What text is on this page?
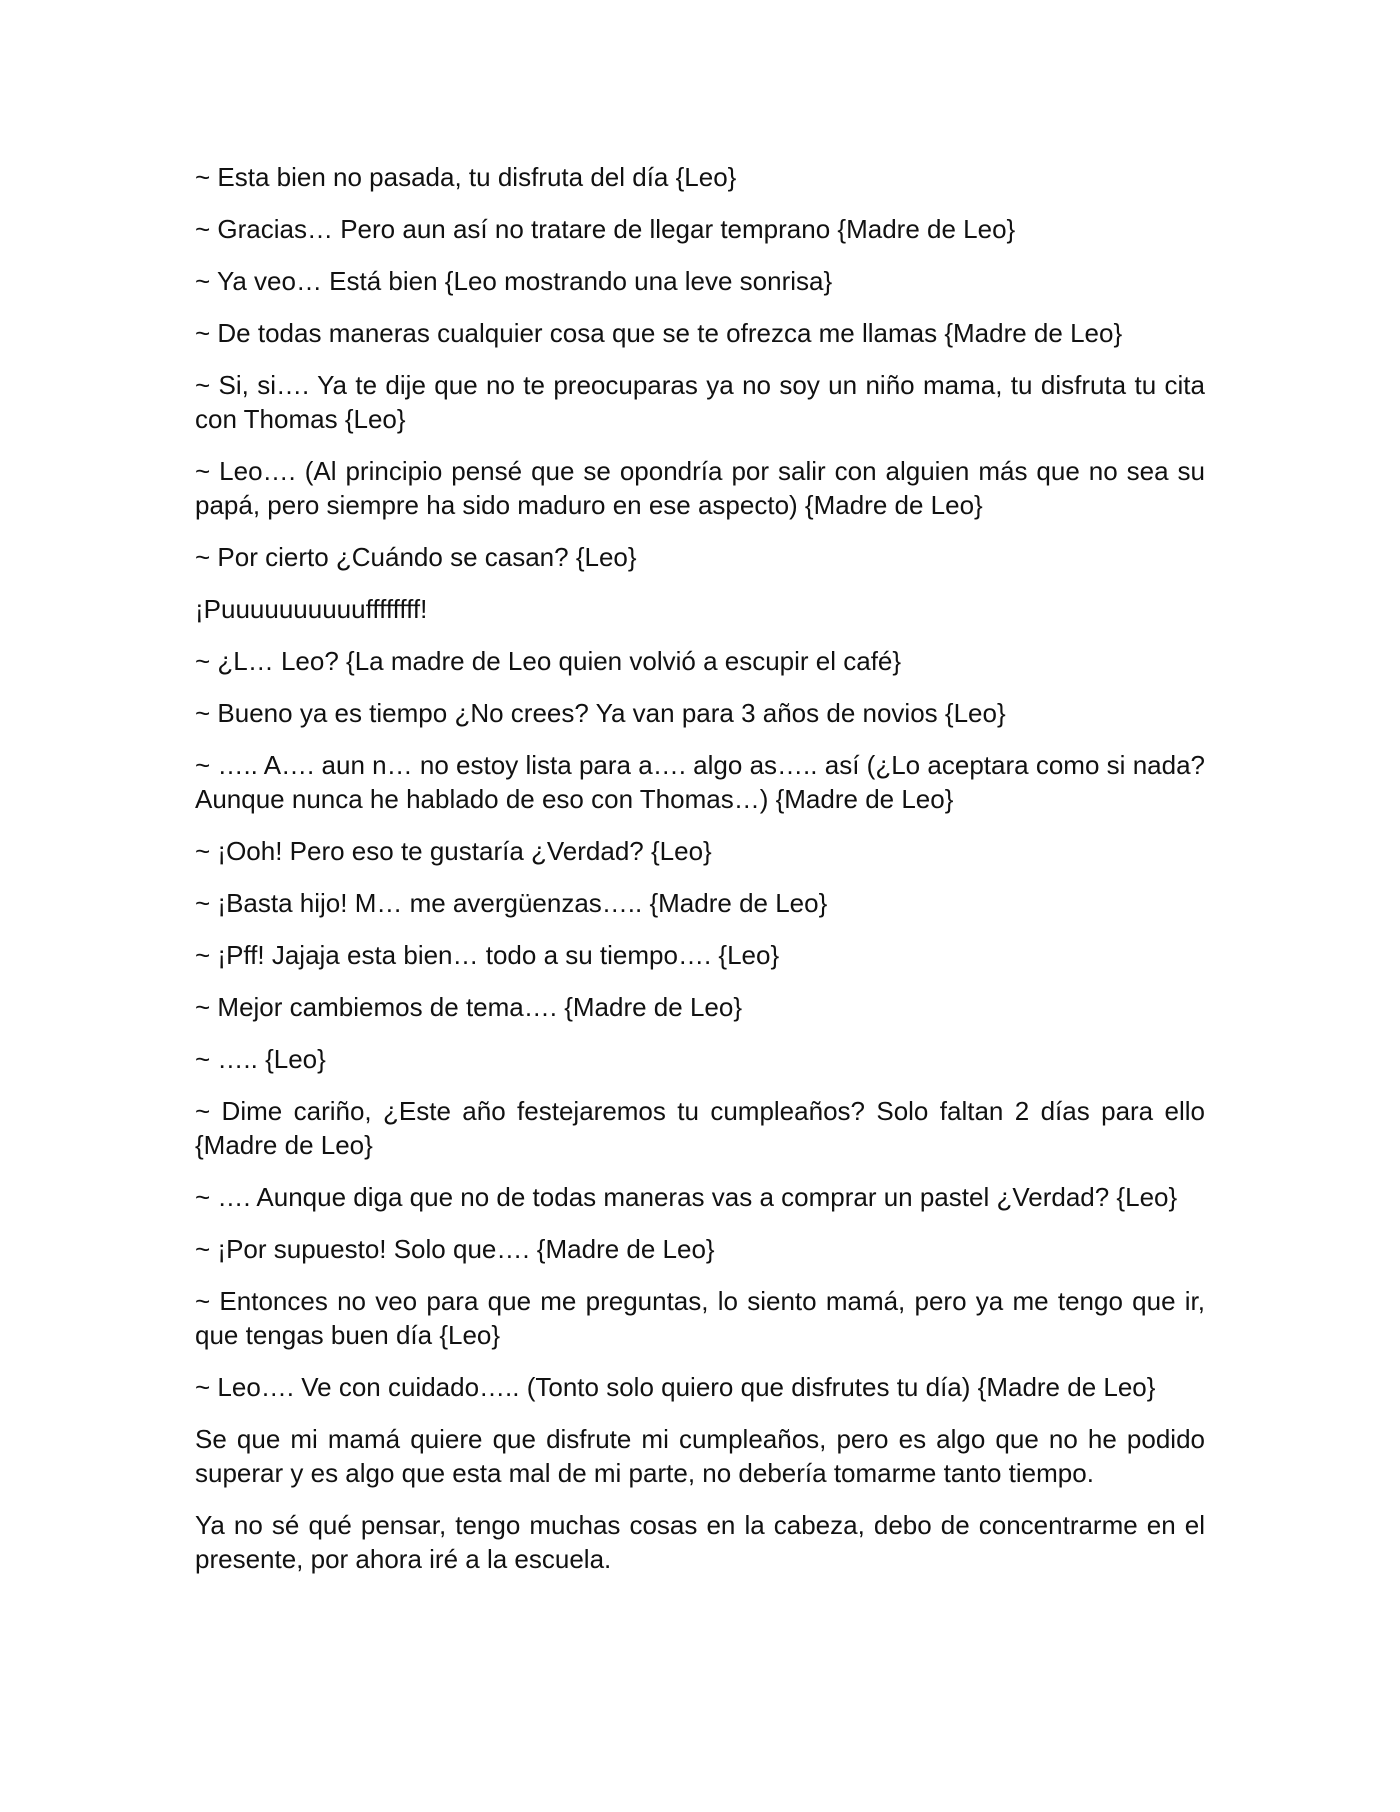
~ Esta bien no pasada, tu disfruta del día {Leo}

~ Gracias… Pero aun así no tratare de llegar temprano {Madre de Leo}

~ Ya veo… Está bien {Leo mostrando una leve sonrisa}

~ De todas maneras cualquier cosa que se te ofrezca me llamas {Madre de Leo}

~ Si, si…. Ya te dije que no te preocuparas ya no soy un niño mama, tu disfruta tu cita con Thomas {Leo}

~ Leo…. (Al principio pensé que se opondría por salir con alguien más que no sea su papá, pero siempre ha sido maduro en ese aspecto) {Madre de Leo}

~ Por cierto ¿Cuándo se casan? {Leo}

¡Puuuuuuuuuuffffffff!

~ ¿L… Leo? {La madre de Leo quien volvió a escupir el café}

~ Bueno ya es tiempo ¿No crees? Ya van para 3 años de novios {Leo}

~ ….. A…. aun n… no estoy lista para a…. algo as….. así (¿Lo aceptara como si nada? Aunque nunca he hablado de eso con Thomas…) {Madre de Leo}

~ ¡Ooh! Pero eso te gustaría ¿Verdad? {Leo}

~ ¡Basta hijo! M… me avergüenzas….. {Madre de Leo}

~ ¡Pff! Jajaja esta bien… todo a su tiempo…. {Leo}

~ Mejor cambiemos de tema…. {Madre de Leo}

~ ….. {Leo}

~ Dime cariño, ¿Este año festejaremos tu cumpleaños? Solo faltan 2 días para ello {Madre de Leo}

~ …. Aunque diga que no de todas maneras vas a comprar un pastel ¿Verdad? {Leo}

~ ¡Por supuesto! Solo que…. {Madre de Leo}

~ Entonces no veo para que me preguntas, lo siento mamá, pero ya me tengo que ir, que tengas buen día {Leo}

~ Leo…. Ve con cuidado….. (Tonto solo quiero que disfrutes tu día) {Madre de Leo}

Se que mi mamá quiere que disfrute mi cumpleaños, pero es algo que no he podido superar y es algo que esta mal de mi parte, no debería tomarme tanto tiempo.

Ya no sé qué pensar, tengo muchas cosas en la cabeza, debo de concentrarme en el presente, por ahora iré a la escuela.
